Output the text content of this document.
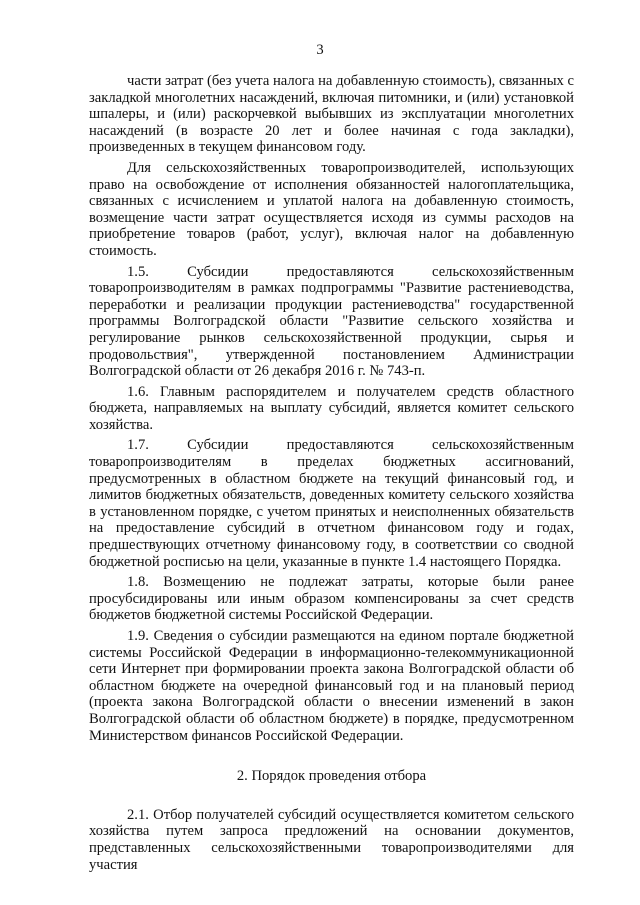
3

части затрат (без учета налога на добавленную стоимость), связанных с закладкой многолетних насаждений, включая питомники, и (или) установкой шпалеры, и (или) раскорчевкой выбывших из эксплуатации многолетних насаждений (в возрасте 20 лет и более начиная с года закладки), произведенных в текущем финансовом году.

Для сельскохозяйственных товаропроизводителей, использующих право на освобождение от исполнения обязанностей налогоплательщика, связанных с исчислением и уплатой налога на добавленную стоимость, возмещение части затрат осуществляется исходя из суммы расходов на приобретение товаров (работ, услуг), включая налог на добавленную стоимость.

1.5. Субсидии предоставляются сельскохозяйственным товаропроизводителям в рамках подпрограммы "Развитие растениеводства, переработки и реализации продукции растениеводства" государственной программы Волгоградской области "Развитие сельского хозяйства и регулирование рынков сельскохозяйственной продукции, сырья и продовольствия", утвержденной постановлением Администрации Волгоградской области от 26 декабря 2016 г. № 743-п.

1.6. Главным распорядителем и получателем средств областного бюджета, направляемых на выплату субсидий, является комитет сельского хозяйства.

1.7. Субсидии предоставляются сельскохозяйственным товаропроизводителям в пределах бюджетных ассигнований, предусмотренных в областном бюджете на текущий финансовый год, и лимитов бюджетных обязательств, доведенных комитету сельского хозяйства в установленном порядке, с учетом принятых и неисполненных обязательств на предоставление субсидий в отчетном финансовом году и годах, предшествующих отчетному финансовому году, в соответствии со сводной бюджетной росписью на цели, указанные в пункте 1.4 настоящего Порядка.

1.8. Возмещению не подлежат затраты, которые были ранее просубсидированы или иным образом компенсированы за счет средств бюджетов бюджетной системы Российской Федерации.

1.9. Сведения о субсидии размещаются на едином портале бюджетной системы Российской Федерации в информационно-телекоммуникационной сети Интернет при формировании проекта закона Волгоградской области об областном бюджете на очередной финансовый год и на плановый период (проекта закона Волгоградской области о внесении изменений в закон Волгоградской области об областном бюджете) в порядке, предусмотренном Министерством финансов Российской Федерации.

2. Порядок проведения отбора

2.1. Отбор получателей субсидий осуществляется комитетом сельского хозяйства путем запроса предложений на основании документов, представленных сельскохозяйственными товаропроизводителями для участия
